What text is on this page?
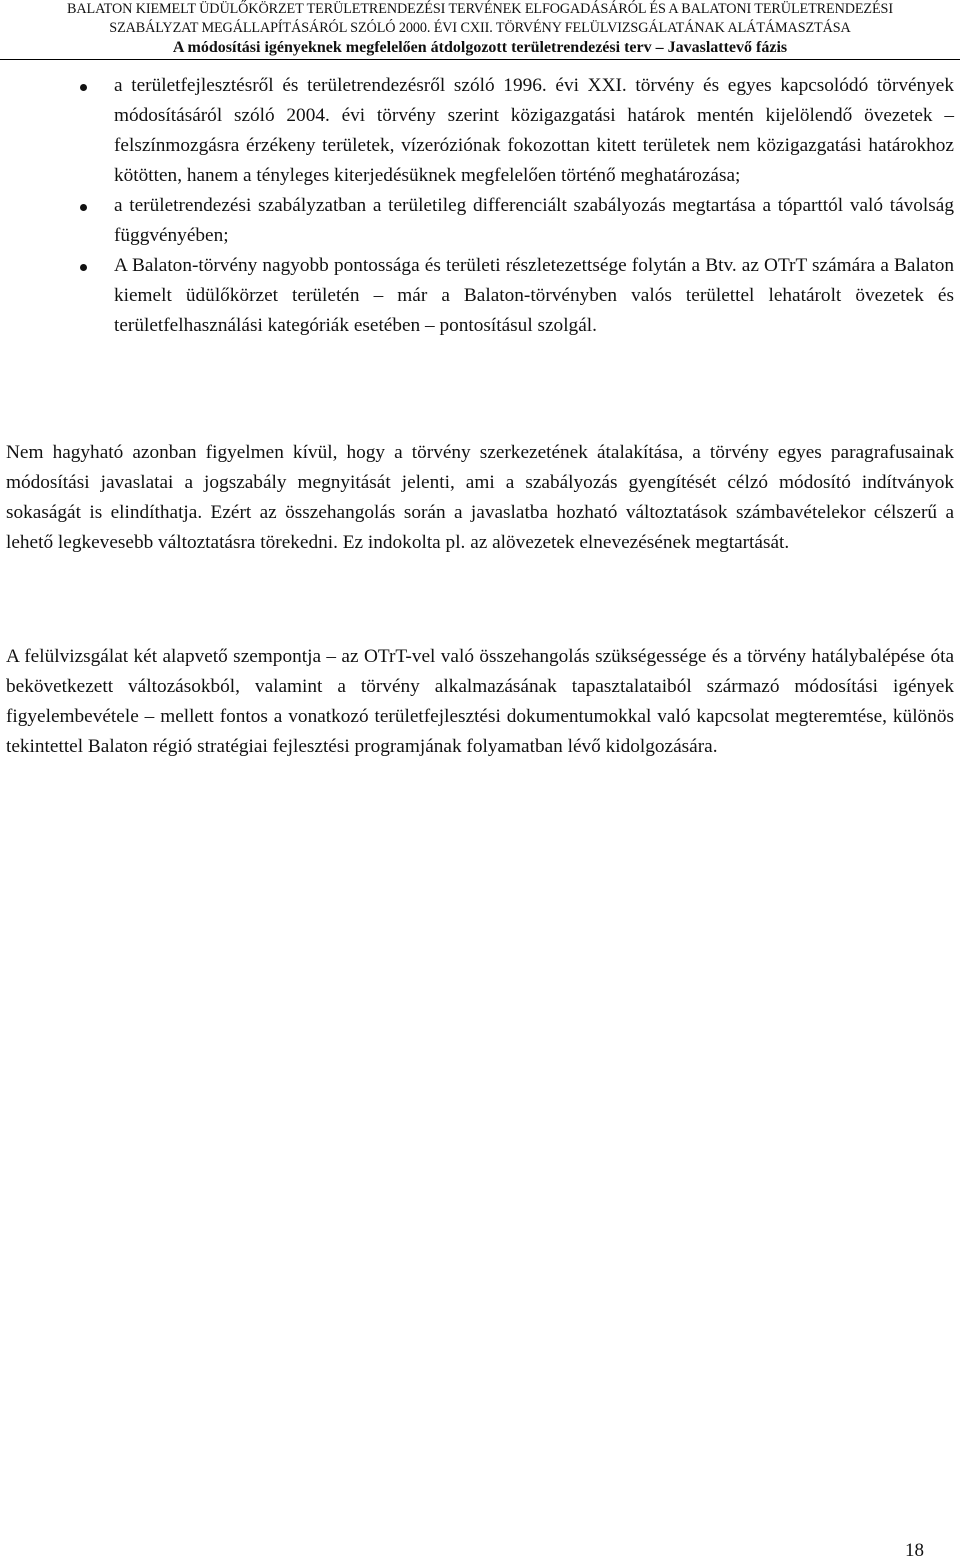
BALATON KIEMELT ÜDÜLŐKÖRZET TERÜLETRENDEZÉSI TERVÉNEK ELFOGADÁSÁRÓL ÉS A BALATONI TERÜLETRENDEZÉSI
SZABÁLYZAT MEGÁLLAPÍTÁSÁRÓL SZÓLÓ 2000. ÉVI CXII. TÖRVÉNY FELÜLVIZSGÁLATÁNAK ALÁTÁMASZTÁSA
A módosítási igényeknek megfelelően átdolgozott területrendezési terv – Javaslattevő fázis
a területfejlesztésről és területrendezésről szóló 1996. évi XXI. törvény és egyes kapcsolódó törvények módosításáról szóló 2004. évi törvény szerint közigazgatási határok mentén kijelölendő övezetek – felszínmozgásra érzékeny területek, vízeróziónak fokozottan kitett területek nem közigazgatási határokhoz kötötten, hanem a tényleges kiterjedésüknek megfelelően történő meghatározása;
a területrendezési szabályzatban a területileg differenciált szabályozás megtartása a tóparttól való távolság függvényében;
A Balaton-törvény nagyobb pontossága és területi részletezettsége folytán a Btv. az OTrT számára a Balaton kiemelt üdülőkörzet területén – már a Balaton-törvényben valós területtel lehatárolt övezetek és területfelhasználási kategóriák esetében – pontosításul szolgál.

Nem hagyható azonban figyelmen kívül, hogy a törvény szerkezetének átalakítása, a törvény egyes paragrafusainak módosítási javaslatai a jogszabály megnyitását jelenti, ami a szabályozás gyengítését célzó módosító indítványok sokaságát is elindíthatja. Ezért az összehangolás során a javaslatba hozható változtatások számbavételekor célszerű a lehető legkevesebb változtatásra törekedni. Ez indokolta pl. az alövezetek elnevezésének megtartását.

A felülvizsgálat két alapvető szempontja – az OTrT-vel való összehangolás szükségessége és a törvény hatálybalépése óta bekövetkezett változásokból, valamint a törvény alkalmazásának tapasztalataiból származó módosítási igények figyelembevétele – mellett fontos a vonatkozó területfejlesztési dokumentumokkal való kapcsolat megteremtése, különös tekintettel Balaton régió stratégiai fejlesztési programjának folyamatban lévő kidolgozására.

18
